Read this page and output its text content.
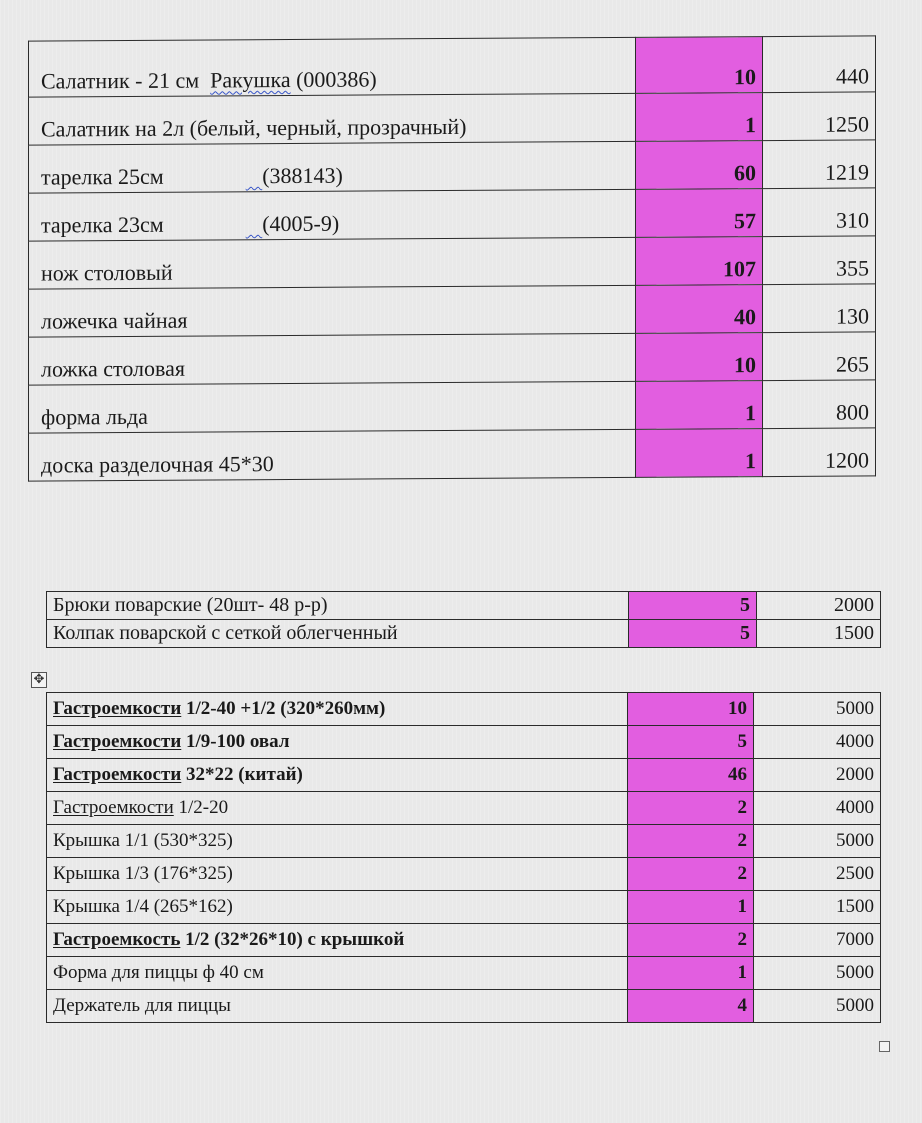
Салатник - 21 см Ракушка (000386)	10	440
Салатник на 2л (белый, черный, прозрачный)	1	1250
тарелка 25см (388143)	60	1219
тарелка 23см (4005-9)	57	310
нож столовый	107	355
ложечка чайная	40	130
ложка столовая	10	265
форма льда	1	800
доска разделочная 45*30	1	1200
Брюки поварские (20шт- 48 р-р)	5	2000
Колпак поварской с сеткой облегченный	5	1500
✥
Гастроемкости 1/2-40 +1/2 (320*260мм)	10	5000
Гастроемкости 1/9-100 овал	5	4000
Гастроемкости 32*22 (китай)	46	2000
Гастроемкости 1/2-20	2	4000
Крышка 1/1 (530*325)	2	5000
Крышка 1/3 (176*325)	2	2500
Крышка 1/4 (265*162)	1	1500
Гастроемкость 1/2 (32*26*10) с крышкой	2	7000
Форма для пиццы ф 40 см	1	5000
Держатель для пиццы	4	5000
